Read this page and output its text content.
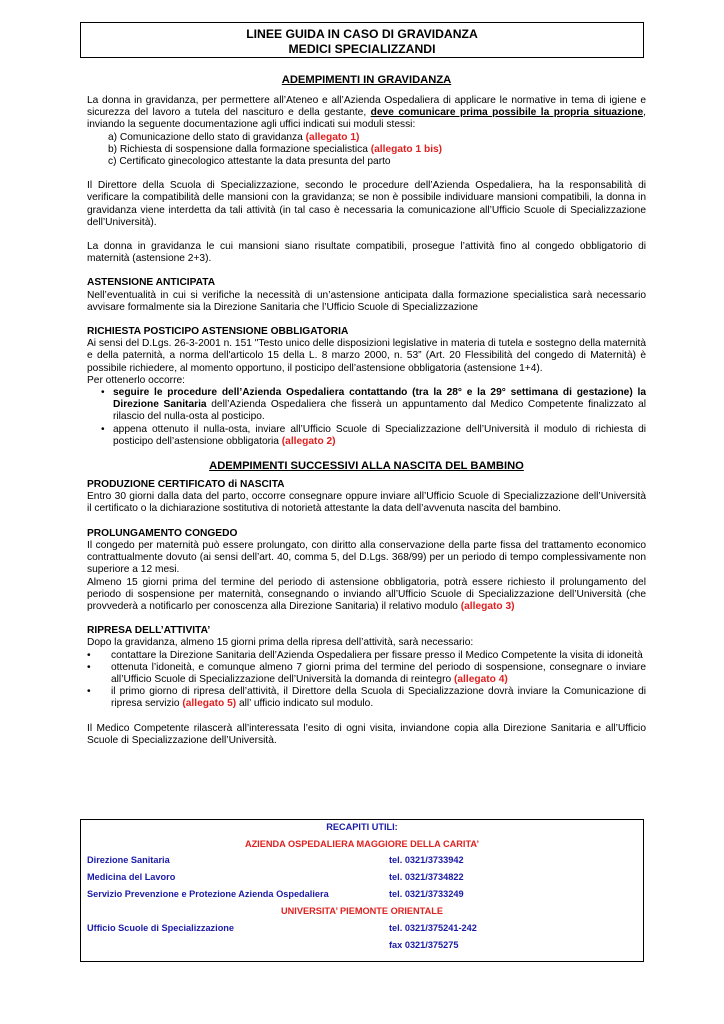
LINEE GUIDA IN CASO DI GRAVIDANZA
MEDICI SPECIALIZZANDI
ADEMPIMENTI IN GRAVIDANZA

La donna in gravidanza, per permettere all’Ateneo e all’Azienda Ospedaliera di applicare le normative in tema di igiene e sicurezza del lavoro a tutela del nascituro e della gestante, deve comunicare prima possibile la propria situazione, inviando la seguente documentazione agli uffici indicati sui moduli stessi:

a) Comunicazione dello stato di gravidanza (allegato 1)
b) Richiesta di sospensione dalla formazione specialistica (allegato 1 bis)
c) Certificato ginecologico attestante la data presunta del parto

Il Direttore della Scuola di Specializzazione, secondo le procedure dell’Azienda Ospedaliera, ha la responsabilità di verificare la compatibilità delle mansioni con la gravidanza; se non è possibile individuare mansioni compatibili, la donna in gravidanza viene interdetta da tali attività (in tal caso è necessaria la comunicazione all’Ufficio Scuole di Specializzazione dell’Università).

La donna in gravidanza le cui mansioni siano risultate compatibili, prosegue l’attività fino al congedo obbligatorio di maternità (astensione 2+3).

ASTENSIONE ANTICIPATA

Nell’eventualità in cui si verifiche la necessità di un’astensione anticipata dalla formazione specialistica sarà necessario avvisare formalmente sia la Direzione Sanitaria che l’Ufficio Scuole di Specializzazione

RICHIESTA POSTICIPO ASTENSIONE OBBLIGATORIA

Ai sensi del D.Lgs. 26-3-2001 n. 151 "Testo unico delle disposizioni legislative in materia di tutela e sostegno della maternità e della paternità, a norma dell'articolo 15 della L. 8 marzo 2000, n. 53” (Art. 20 Flessibilità del congedo di Maternità) è possibile richiedere, al momento opportuno, il posticipo dell’astensione obbligatoria (astensione 1+4).

Per ottenerlo occorre:

• seguire le procedure dell’Azienda Ospedaliera contattando (tra la 28° e la 29° settimana di gestazione) la Direzione Sanitaria dell’Azienda Ospedaliera che fisserà un appuntamento dal Medico Competente finalizzato al rilascio del nulla-osta al posticipo.
• appena ottenuto il nulla-osta, inviare all’Ufficio Scuole di Specializzazione dell’Università il modulo di richiesta di posticipo dell’astensione obbligatoria (allegato 2)
ADEMPIMENTI SUCCESSIVI ALLA NASCITA DEL BAMBINO
PRODUZIONE CERTIFICATO di NASCITA

Entro 30 giorni dalla data del parto, occorre consegnare oppure inviare all’Ufficio Scuole di Specializzazione dell’Università il certificato o la dichiarazione sostitutiva di notorietà attestante la data dell’avvenuta nascita del bambino.

PROLUNGAMENTO CONGEDO

Il congedo per maternità può essere prolungato, con diritto alla conservazione della parte fissa del trattamento economico contrattualmente dovuto (ai sensi dell’art. 40, comma 5, del D.Lgs. 368/99) per un periodo di tempo complessivamente non superiore a 12 mesi.

Almeno 15 giorni prima del termine del periodo di astensione obbligatoria, potrà essere richiesto il prolungamento del periodo di sospensione per maternità, consegnando o inviando all’Ufficio Scuole di Specializzazione dell’Università (che provvederà a notificarlo per conoscenza alla Direzione Sanitaria) il relativo modulo (allegato 3)

RIPRESA DELL’ATTIVITA’

Dopo la gravidanza, almeno 15 giorni prima della ripresa dell’attività, sarà necessario:

• contattare la Direzione Sanitaria dell’Azienda Ospedaliera per fissare presso il Medico Competente la visita di idoneità
• ottenuta l’idoneità, e comunque almeno 7 giorni prima del termine del periodo di sospensione, consegnare o inviare all’Ufficio Scuole di Specializzazione dell’Università la domanda di reintegro (allegato 4)
• il primo giorno di ripresa dell’attività, il Direttore della Scuola di Specializzazione dovrà inviare la Comunicazione di ripresa servizio (allegato 5) all’ ufficio indicato sul modulo.

Il Medico Competente rilascerà all’interessata l’esito di ogni visita, inviandone copia alla Direzione Sanitaria e all’Ufficio Scuole di Specializzazione dell’Università.

RECAPITI UTILI:
AZIENDA OSPEDALIERA MAGGIORE DELLA CARITA’
Direzione Sanitaria	tel. 0321/3733942
Medicina del Lavoro	tel. 0321/3734822
Servizio Prevenzione e Protezione Azienda Ospedaliera	tel. 0321/3733249
UNIVERSITA’ PIEMONTE ORIENTALE
Ufficio Scuole di Specializzazione	tel. 0321/375241-242
fax 0321/375275
